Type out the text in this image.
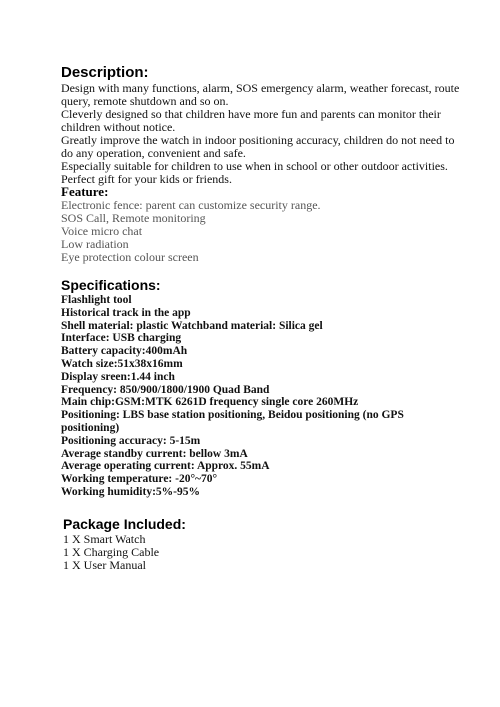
Description:

Design with many functions, alarm, SOS emergency alarm, weather forecast, route
query, remote shutdown and so on.
Cleverly designed so that children have more fun and parents can monitor their
children without notice.
Greatly improve the watch in indoor positioning accuracy, children do not need to
do any operation, convenient and safe.
Especially suitable for children to use when in school or other outdoor activities.
Perfect gift for your kids or friends.

Feature:

Electronic fence: parent can customize security range.
SOS Call, Remote monitoring
Voice micro chat
Low radiation
Eye protection colour screen

Specifications:

Flashlight tool
Historical track in the app
Shell material: plastic Watchband material: Silica gel
Interface: USB charging
Battery capacity:400mAh
Watch size:51x38x16mm
Display sreen:1.44 inch
Frequency: 850/900/1800/1900 Quad Band
Main chip:GSM:MTK 6261D frequency single core 260MHz
Positioning: LBS base station positioning, Beidou positioning (no GPS
positioning)
Positioning accuracy: 5-15m
Average standby current: bellow 3mA
Average operating current: Approx. 55mA
Working temperature: -20°~70°
Working humidity:5%-95%

Package Included:

1 X Smart Watch
1 X Charging Cable
1 X User Manual
